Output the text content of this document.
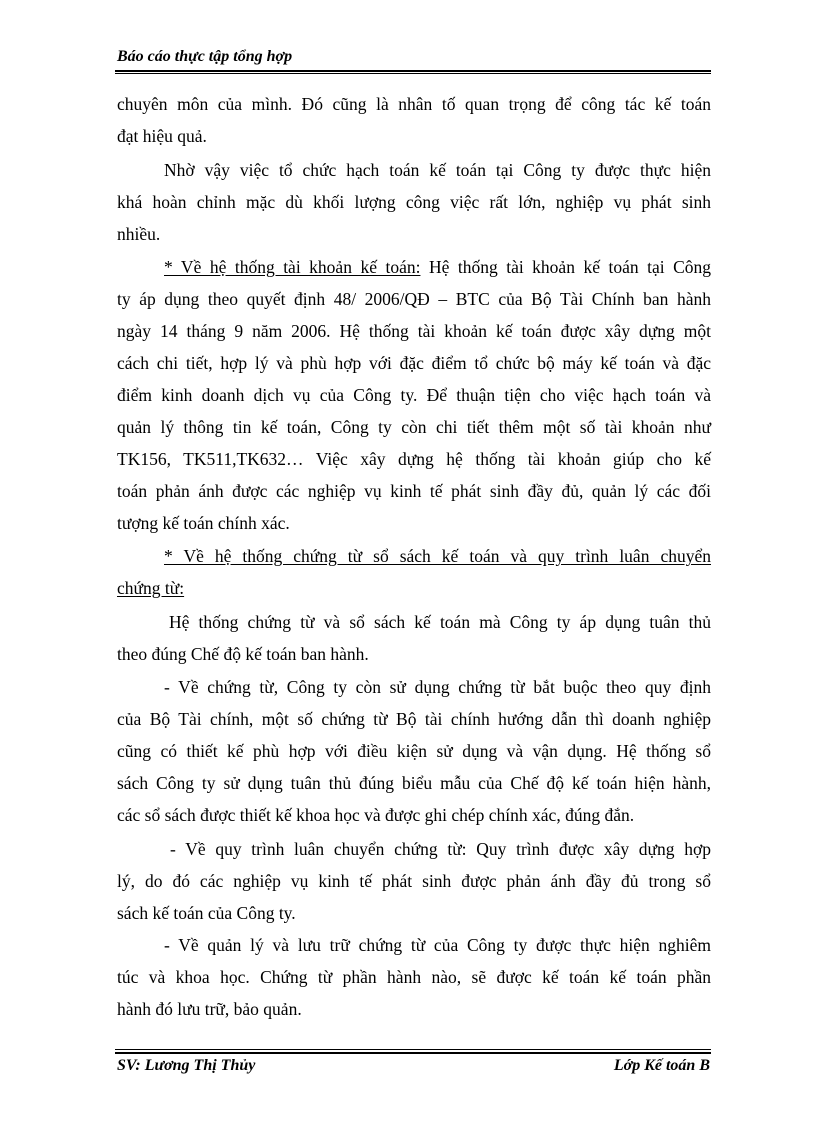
Báo cáo thực tập tổng hợp
chuyên môn của mình. Đó cũng là nhân tố quan trọng để công tác kế toán
đạt hiệu quả.
Nhờ vậy việc tổ chức hạch toán kế toán tại Công ty được thực hiện
khá hoàn chỉnh mặc dù khối lượng công việc rất lớn, nghiệp vụ phát sinh
nhiều.
* Về hệ thống tài khoản kế toán: Hệ thống tài khoản kế toán tại Công
ty áp dụng theo quyết định 48/ 2006/QĐ – BTC của Bộ Tài Chính ban hành
ngày 14 tháng 9 năm 2006. Hệ thống tài khoản kế toán được xây dựng một
cách chi tiết, hợp lý và phù hợp với đặc điểm tổ chức bộ máy kế toán và đặc
điểm kinh doanh dịch vụ của Công ty. Để thuận tiện cho việc hạch toán và
quản lý thông tin kế toán, Công ty còn chi tiết thêm một số tài khoản như
TK156, TK511,TK632… Việc xây dựng hệ thống tài khoản giúp cho kế
toán phản ánh được các nghiệp vụ kinh tế phát sinh đầy đủ, quản lý các đối
tượng kế toán chính xác.
* Về hệ thống chứng từ sổ sách kế toán và quy trình luân chuyển
chứng từ:
Hệ thống chứng từ và sổ sách kế toán mà Công ty áp dụng tuân thủ
theo đúng Chế độ kế toán ban hành.
- Về chứng từ, Công ty còn sử dụng chứng từ bắt buộc theo quy định
của Bộ Tài chính, một số chứng từ Bộ tài chính hướng dẫn thì doanh nghiệp
cũng có thiết kế phù hợp với điều kiện sử dụng và vận dụng. Hệ thống sổ
sách Công ty sử dụng tuân thủ đúng biểu mẫu của Chế độ kế toán hiện hành,
các sổ sách được thiết kế khoa học và được ghi chép chính xác, đúng đắn.
- Về quy trình luân chuyển chứng từ: Quy trình được xây dựng hợp
lý, do đó các nghiệp vụ kinh tế phát sinh được phản ánh đầy đủ trong sổ
sách kế toán của Công ty.
- Về quản lý và lưu trữ chứng từ của Công ty được thực hiện nghiêm
túc và khoa học. Chứng từ phần hành nào, sẽ được kế toán kế toán phần
hành đó lưu trữ, bảo quản.
SV: Lương Thị Thủy	Lớp Kế toán B
